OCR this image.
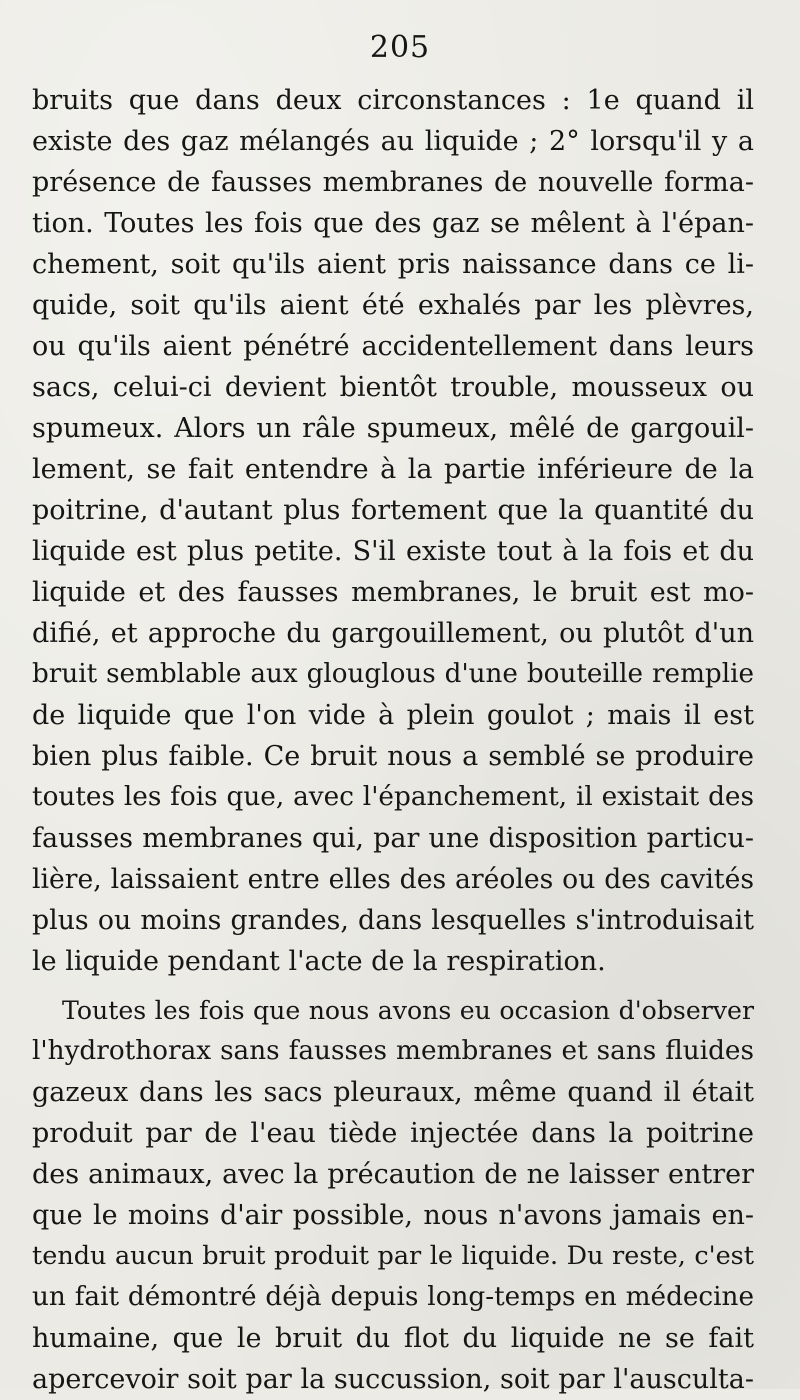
205
bruits que dans deux circonstances : 1e quand il
existe des gaz mélangés au liquide ; 2° lorsqu'il y a
présence de fausses membranes de nouvelle forma-
tion. Toutes les fois que des gaz se mêlent à l'épan-
chement, soit qu'ils aient pris naissance dans ce li-
quide, soit qu'ils aient été exhalés par les plèvres,
ou qu'ils aient pénétré accidentellement dans leurs
sacs, celui-ci devient bientôt trouble, mousseux ou
spumeux. Alors un râle spumeux, mêlé de gargouil-
lement, se fait entendre à la partie inférieure de la
poitrine, d'autant plus fortement que la quantité du
liquide est plus petite. S'il existe tout à la fois et du
liquide et des fausses membranes, le bruit est mo-
difié, et approche du gargouillement, ou plutôt d'un
bruit semblable aux glouglous d'une bouteille remplie
de liquide que l'on vide à plein goulot ; mais il est
bien plus faible. Ce bruit nous a semblé se produire
toutes les fois que, avec l'épanchement, il existait des
fausses membranes qui, par une disposition particu-
lière, laissaient entre elles des aréoles ou des cavités
plus ou moins grandes, dans lesquelles s'introduisait
le liquide pendant l'acte de la respiration.
Toutes les fois que nous avons eu occasion d'observer
l'hydrothorax sans fausses membranes et sans fluides
gazeux dans les sacs pleuraux, même quand il était
produit par de l'eau tiède injectée dans la poitrine
des animaux, avec la précaution de ne laisser entrer
que le moins d'air possible, nous n'avons jamais en-
tendu aucun bruit produit par le liquide. Du reste, c'est
un fait démontré déjà depuis long-temps en médecine
humaine, que le bruit du flot du liquide ne se fait
apercevoir soit par la succussion, soit par l'ausculta-
